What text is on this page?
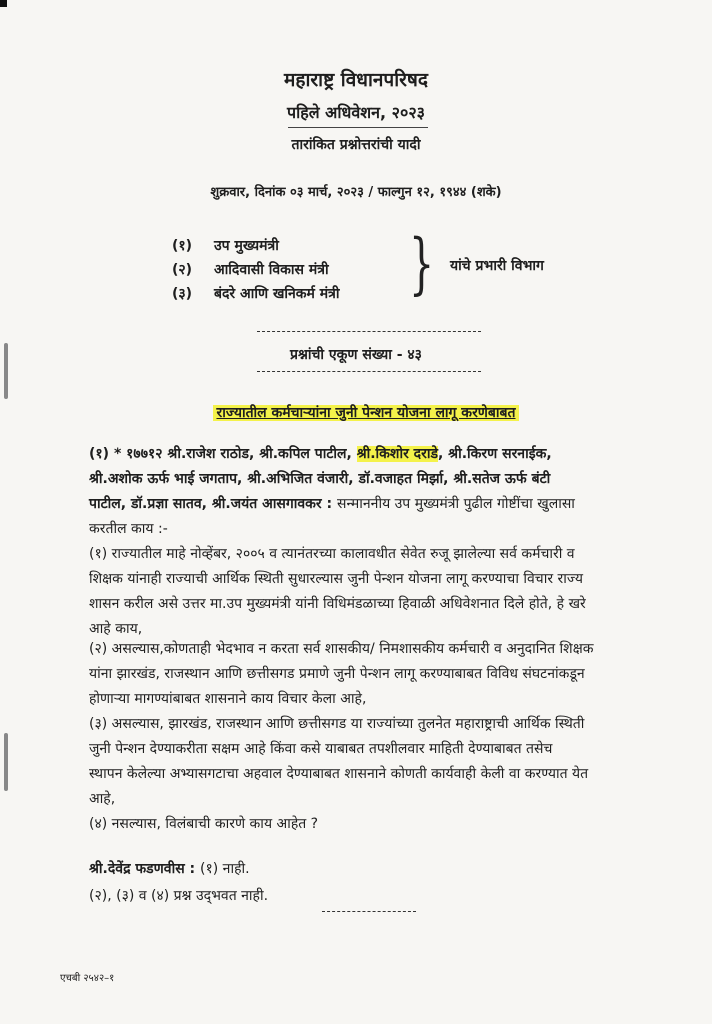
महाराष्ट्र विधानपरिषद
पहिले अधिवेशन, २०२३
तारांकित प्रश्नोत्तरांची यादी
शुक्रवार, दिनांक ०३ मार्च, २०२३ / फाल्गुन १२, १९४४ (शके)
(१) उप मुख्यमंत्री
(२) आदिवासी विकास मंत्री
(३) बंदरे आणि खनिकर्म मंत्री } यांचे प्रभारी विभाग
प्रश्नांची एकूण संख्या - ४३
राज्यातील कर्मचाऱ्यांना जुनी पेन्शन योजना लागू करणेबाबत
(१) * १७७१२ श्री.राजेश राठोड, श्री.कपिल पाटील, श्री.किशोर दराडे, श्री.किरण सरनाईक,
श्री.अशोक ऊर्फ भाई जगताप, श्री.अभिजित वंजारी, डॉ.वजाहत मिर्झा, श्री.सतेज ऊर्फ बंटी
पाटील, डॉ.प्रज्ञा सातव, श्री.जयंत आसगावकर : सन्माननीय उप मुख्यमंत्री पुढील गोष्टींचा खुलासा
करतील काय :-
(१) राज्यातील माहे नोव्हेंबर, २००५ व त्यानंतरच्या कालावधीत सेवेत रुजू झालेल्या सर्व कर्मचारी व
शिक्षक यांनाही राज्याची आर्थिक स्थिती सुधारल्यास जुनी पेन्शन योजना लागू करण्याचा विचार राज्य
शासन करील असे उत्तर मा.उप मुख्यमंत्री यांनी विधिमंडळाच्या हिवाळी अधिवेशनात दिले होते, हे खरे
आहे काय,
(२) असल्यास,कोणताही भेदभाव न करता सर्व शासकीय/ निमशासकीय कर्मचारी व अनुदानित शिक्षक
यांना झारखंड, राजस्थान आणि छत्तीसगड प्रमाणे जुनी पेन्शन लागू करण्याबाबत विविध संघटनांकडून
होणाऱ्या मागण्यांबाबत शासनाने काय विचार केला आहे,
(३) असल्यास, झारखंड, राजस्थान आणि छत्तीसगड या राज्यांच्या तुलनेत महाराष्ट्राची आर्थिक स्थिती
जुनी पेन्शन देण्याकरीता सक्षम आहे किंवा कसे याबाबत तपशीलवार माहिती देण्याबाबत तसेच
स्थापन केलेल्या अभ्यासगटाचा अहवाल देण्याबाबत शासनाने कोणती कार्यवाही केली वा करण्यात येत
आहे,
(४) नसल्यास, विलंबाची कारणे काय आहेत ?
श्री.देवेंद्र फडणवीस : (१) नाही.
(२), (३) व (४) प्रश्न उद्‌भवत नाही.
एचबी २५४२–१
